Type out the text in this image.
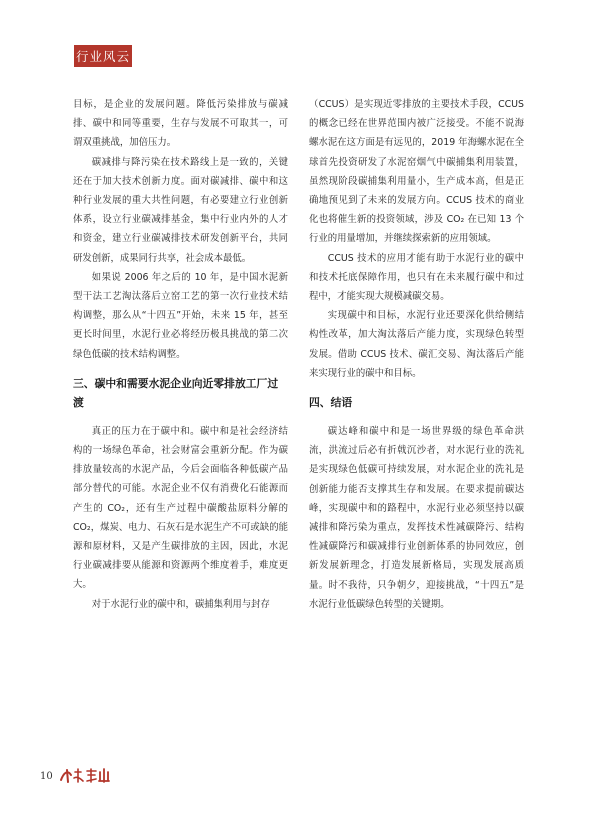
行业风云

目标，是企业的发展问题。降低污染排放与碳减排、碳中和同等重要，生存与发展不可取其一，可谓双重挑战，加倍压力。

碳减排与降污染在技术路线上是一致的，关键还在于加大技术创新力度。面对碳减排、碳中和这种行业发展的重大共性问题，有必要建立行业创新体系，设立行业碳减排基金，集中行业内外的人才和资金，建立行业碳减排技术研发创新平台，共同研发创新，成果同行共享，社会成本最低。

如果说 2006 年之后的 10 年，是中国水泥新型干法工艺淘汰落后立窑工艺的第一次行业技术结构调整，那么从“十四五”开始，未来 15 年，甚至更长时间里，水泥行业必将经历极具挑战的第二次绿色低碳的技术结构调整。

三、碳中和需要水泥企业向近零排放工厂过渡

真正的压力在于碳中和。碳中和是社会经济结构的一场绿色革命，社会财富会重新分配。作为碳排放量较高的水泥产品，今后会面临各种低碳产品部分替代的可能。水泥企业不仅有消费化石能源而产生的 CO₂，还有生产过程中碳酸盐原料分解的 CO₂，煤炭、电力、石灰石是水泥生产不可或缺的能源和原材料，又是产生碳排放的主因，因此，水泥行业碳减排要从能源和资源两个维度着手，难度更大。

对于水泥行业的碳中和，碳捕集利用与封存

（CCUS）是实现近零排放的主要技术手段，CCUS 的概念已经在世界范围内被广泛接受。不能不说海螺水泥在这方面是有远见的，2019 年海螺水泥在全球首先投资研发了水泥窑烟气中碳捕集利用装置，虽然现阶段碳捕集利用量小，生产成本高，但是正确地预见到了未来的发展方向。CCUS 技术的商业化也将催生新的投资领域，涉及 CO₂ 在已知 13 个行业的用量增加，并继续探索新的应用领域。

CCUS 技术的应用才能有助于水泥行业的碳中和技术托底保障作用，也只有在未来履行碳中和过程中，才能实现大规模减碳交易。

实现碳中和目标，水泥行业还要深化供给侧结构性改革，加大淘汰落后产能力度，实现绿色转型发展。借助 CCUS 技术、碳汇交易、淘汰落后产能来实现行业的碳中和目标。

四、结语

碳达峰和碳中和是一场世界级的绿色革命洪流，洪流过后必有折戟沉沙者，对水泥行业的洗礼是实现绿色低碳可持续发展，对水泥企业的洗礼是创新能力能否支撑其生存和发展。在要求提前碳达峰，实现碳中和的路程中，水泥行业必须坚持以碳减排和降污染为重点，发挥技术性减碳降污、结构性减碳降污和碳减排行业创新体系的协同效应，创新发展新理念，打造发展新格局，实现发展高质量。时不我待，只争朝夕，迎接挑战，“十四五”是水泥行业低碳绿色转型的关键期。

10
